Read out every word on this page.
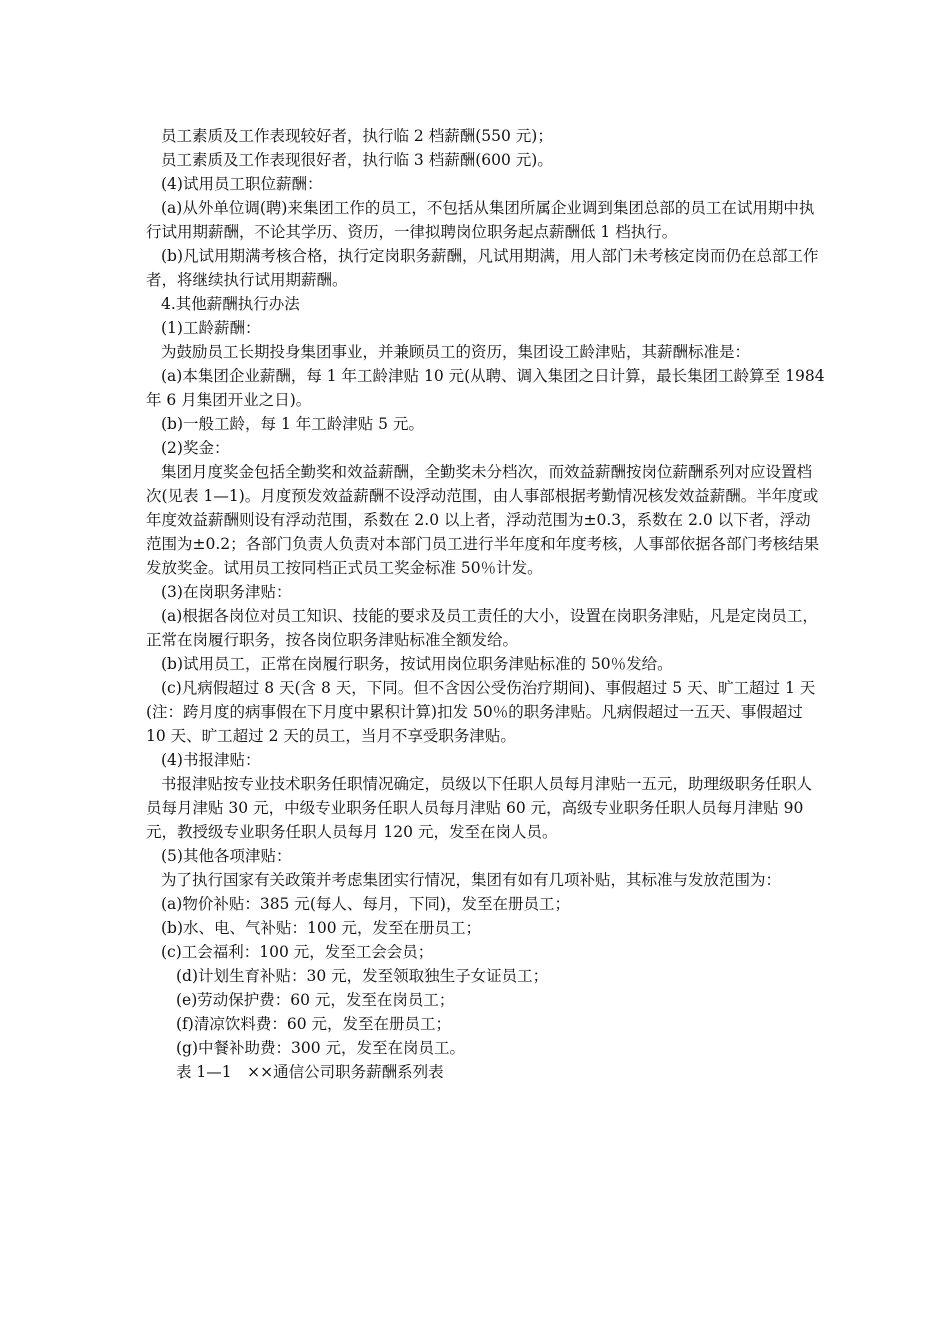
员工素质及工作表现较好者，执行临 2 档薪酬(550 元)；

员工素质及工作表现很好者，执行临 3 档薪酬(600 元)。

(4)试用员工职位薪酬：

(a)从外单位调(聘)来集团工作的员工，不包括从集团所属企业调到集团总部的员工在试用期中执行试用期薪酬，不论其学历、资历，一律拟聘岗位职务起点薪酬低 1 档执行。

(b)凡试用期满考核合格，执行定岗职务薪酬，凡试用期满，用人部门未考核定岗而仍在总部工作者，将继续执行试用期薪酬。

4.其他薪酬执行办法

(1)工龄薪酬：

为鼓励员工长期投身集团事业，并兼顾员工的资历，集团设工龄津贴，其薪酬标准是：

(a)本集团企业薪酬，每 1 年工龄津贴 10 元(从聘、调入集团之日计算，最长集团工龄算至 1984 年 6 月集团开业之日)。

(b)一般工龄，每 1 年工龄津贴 5 元。

(2)奖金：

集团月度奖金包括全勤奖和效益薪酬，全勤奖未分档次，而效益薪酬按岗位薪酬系列对应设置档次(见表 1—1)。月度预发效益薪酬不设浮动范围，由人事部根据考勤情况核发效益薪酬。半年度或年度效益薪酬则设有浮动范围，系数在 2.0 以上者，浮动范围为±0.3，系数在 2.0 以下者，浮动范围为±0.2；各部门负责人负责对本部门员工进行半年度和年度考核，人事部依据各部门考核结果发放奖金。试用员工按同档正式员工奖金标准 50％计发。

(3)在岗职务津贴：

(a)根据各岗位对员工知识、技能的要求及员工责任的大小，设置在岗职务津贴，凡是定岗员工，正常在岗履行职务，按各岗位职务津贴标准全额发给。

(b)试用员工，正常在岗履行职务，按试用岗位职务津贴标准的 50％发给。

(c)凡病假超过 8 天(含 8 天，下同。但不含因公受伤治疗期间)、事假超过 5 天、旷工超过 1 天(注：跨月度的病事假在下月度中累积计算)扣发 50％的职务津贴。凡病假超过一五天、事假超过 10 天、旷工超过 2 天的员工，当月不享受职务津贴。

(4)书报津贴：

书报津贴按专业技术职务任职情况确定，员级以下任职人员每月津贴一五元，助理级职务任职人员每月津贴 30 元，中级专业职务任职人员每月津贴 60 元，高级专业职务任职人员每月津贴 90 元，教授级专业职务任职人员每月 120 元，发至在岗人员。

(5)其他各项津贴：

为了执行国家有关政策并考虑集团实行情况，集团有如有几项补贴，其标准与发放范围为：

(a)物价补贴：385 元(每人、每月，下同)，发至在册员工；

(b)水、电、气补贴：100 元，发至在册员工；

(c)工会福利：100 元，发至工会会员；

(d)计划生育补贴：30 元，发至领取独生子女证员工；

(e)劳动保护费：60 元，发至在岗员工；

(f)清凉饮料费：60 元，发至在册员工；

(g)中餐补助费：300 元，发至在岗员工。

表 1—1　××通信公司职务薪酬系列表
